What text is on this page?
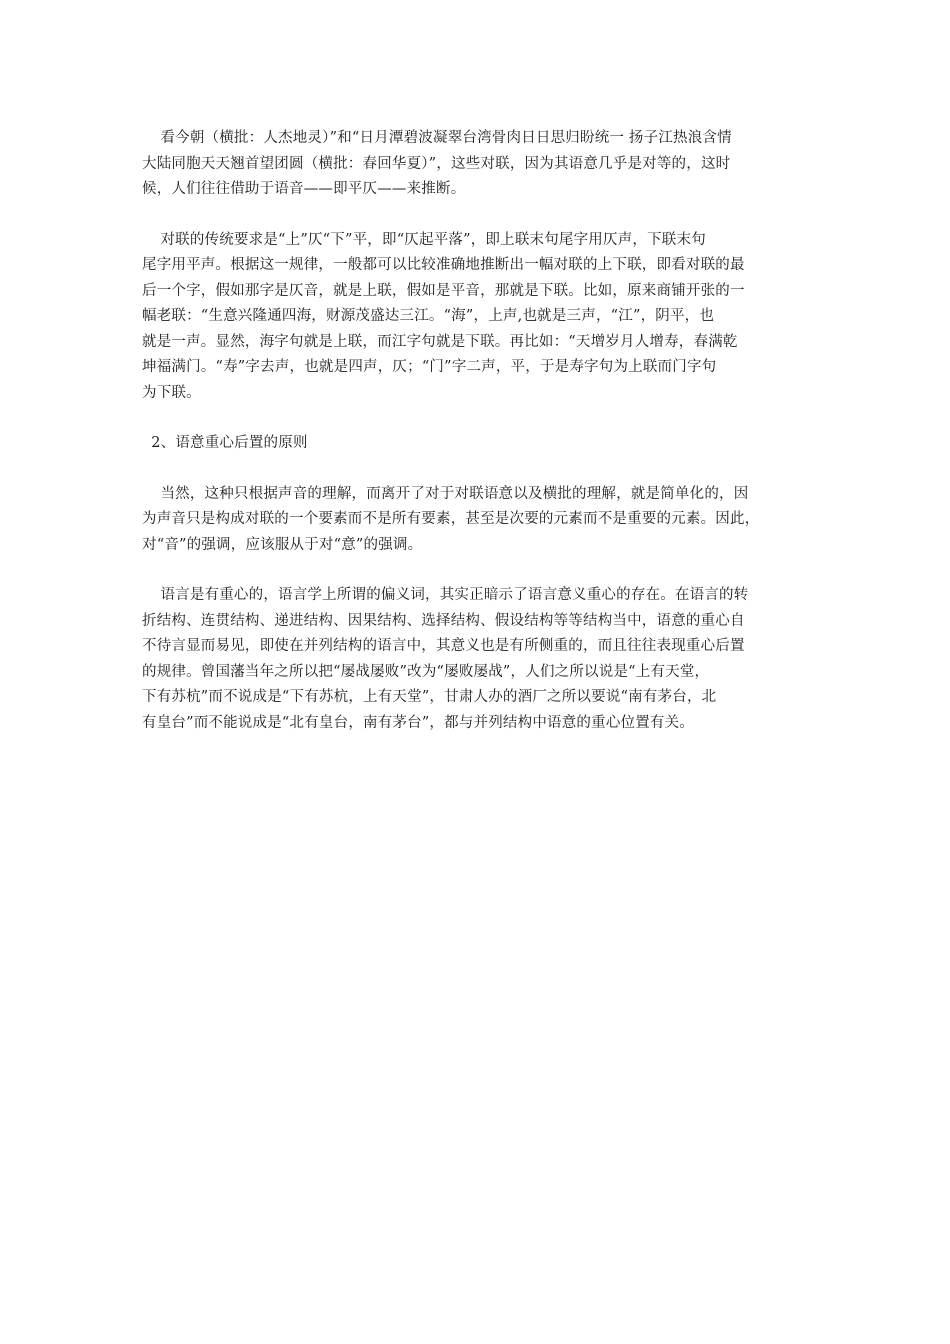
看今朝（横批：人杰地灵）”和“日月潭碧波凝翠台湾骨肉日日思归盼统一 扬子江热浪含情
大陆同胞天天翘首望团圆（横批：春回华夏）”，这些对联，因为其语意几乎是对等的，这时
候，人们往往借助于语音——即平仄——来推断。

对联的传统要求是“上”仄“下”平，即“仄起平落”，即上联末句尾字用仄声，下联末句
尾字用平声。根据这一规律，一般都可以比较准确地推断出一幅对联的上下联，即看对联的最
后一个字，假如那字是仄音，就是上联，假如是平音，那就是下联。比如，原来商铺开张的一
幅老联：“生意兴隆通四海，财源茂盛达三江。“海”，上声,也就是三声，“江”，阴平，也
就是一声。显然，海字句就是上联，而江字句就是下联。再比如：“天增岁月人增寿，春满乾
坤福满门。“寿”字去声，也就是四声，仄；“门”字二声，平，于是寿字句为上联而门字句
为下联。

2、语意重心后置的原则

当然，这种只根据声音的理解，而离开了对于对联语意以及横批的理解，就是简单化的，因
为声音只是构成对联的一个要素而不是所有要素，甚至是次要的元素而不是重要的元素。因此，
对“音”的强调，应该服从于对“意”的强调。

语言是有重心的，语言学上所谓的偏义词，其实正暗示了语言意义重心的存在。在语言的转
折结构、连贯结构、递进结构、因果结构、选择结构、假设结构等等结构当中，语意的重心自
不待言显而易见，即使在并列结构的语言中，其意义也是有所侧重的，而且往往表现重心后置
的规律。曾国藩当年之所以把“屡战屡败”改为“屡败屡战”，人们之所以说是“上有天堂，
下有苏杭”而不说成是“下有苏杭，上有天堂”，甘肃人办的酒厂之所以要说“南有茅台，北
有皇台”而不能说成是“北有皇台，南有茅台”，都与并列结构中语意的重心位置有关。
